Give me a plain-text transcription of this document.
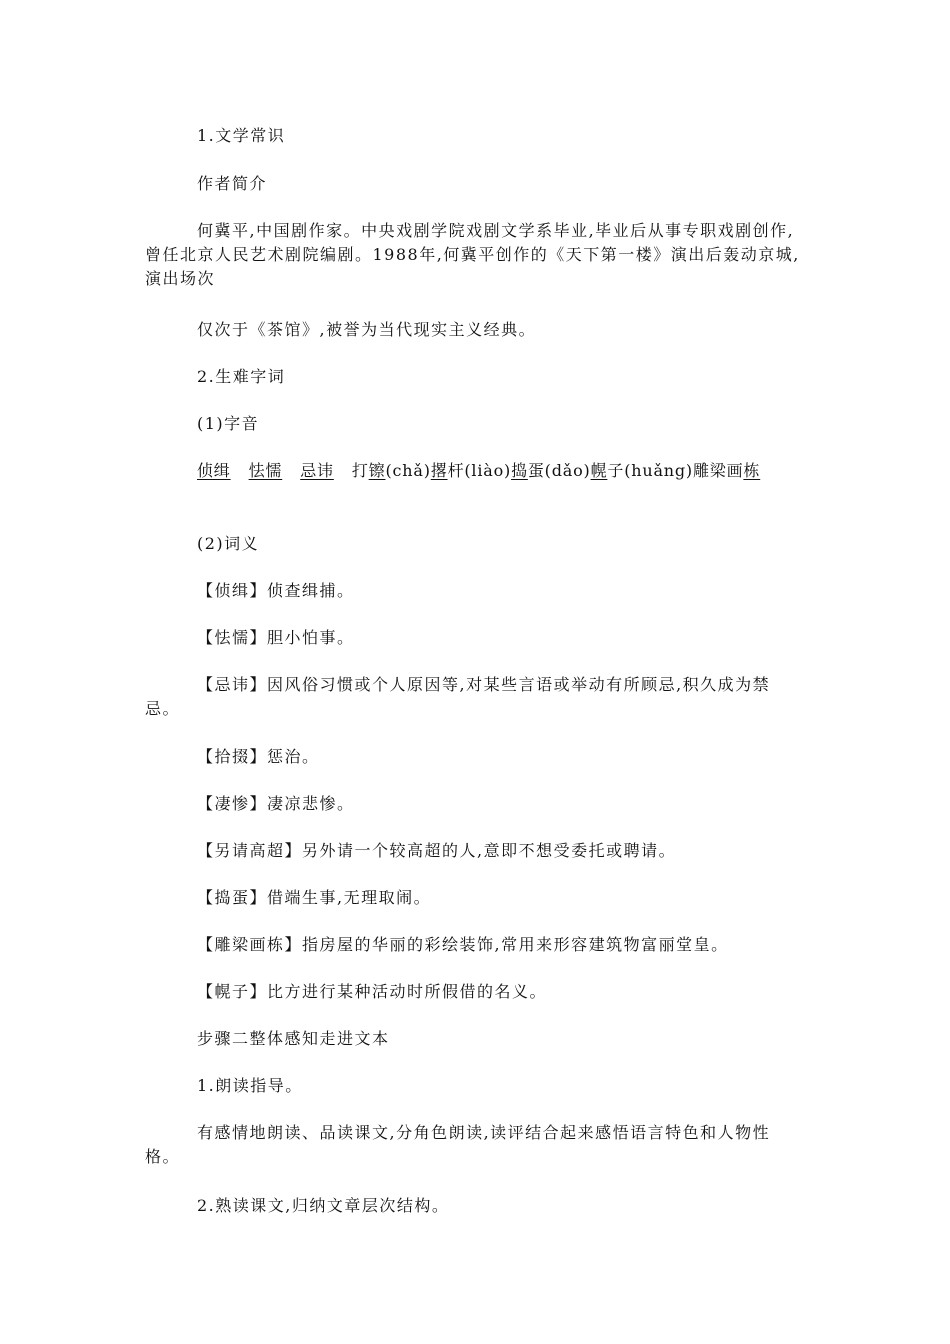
1.文学常识
作者简介
何冀平,中国剧作家。中央戏剧学院戏剧文学系毕业,毕业后从事专职戏剧创作,曾任北京人民艺术剧院编剧。1988年,何冀平创作的《天下第一楼》演出后轰动京城,演出场次
仅次于《茶馆》,被誉为当代现实主义经典。
2.生难字词
(1)字音
侦缉 怯懦 忌讳 打镲(chǎ)撂杆(liào)捣蛋(dǎo)幌子(huǎng)雕梁画栋
(2)词义
【侦缉】侦查缉捕。
【怯懦】胆小怕事。
【忌讳】因风俗习惯或个人原因等,对某些言语或举动有所顾忌,积久成为禁忌。
【拾掇】惩治。
【凄惨】凄凉悲惨。
【另请高超】另外请一个较高超的人,意即不想受委托或聘请。
【捣蛋】借端生事,无理取闹。
【雕梁画栋】指房屋的华丽的彩绘装饰,常用来形容建筑物富丽堂皇。
【幌子】比方进行某种活动时所假借的名义。
步骤二整体感知走进文本
1.朗读指导。
有感情地朗读、品读课文,分角色朗读,读评结合起来感悟语言特色和人物性格。
2.熟读课文,归纳文章层次结构。
